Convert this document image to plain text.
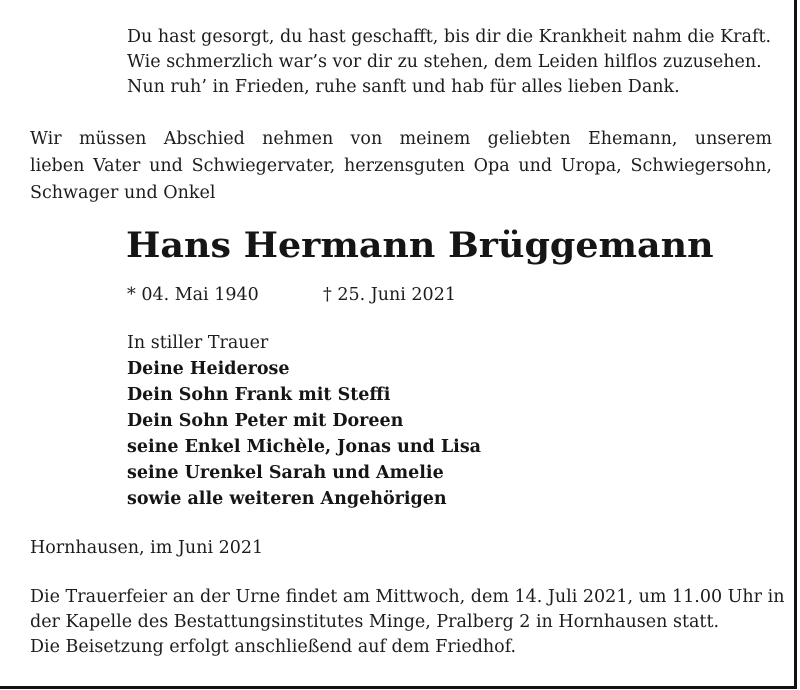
Du hast gesorgt, du hast geschafft, bis dir die Krankheit nahm die Kraft.
Wie schmerzlich war’s vor dir zu stehen, dem Leiden hilflos zuzusehen.
Nun ruh’ in Frieden, ruhe sanft und hab für alles lieben Dank.
Wir müssen Abschied nehmen von meinem geliebten Ehemann, unserem
lieben Vater und Schwiegervater, herzensguten Opa und Uropa, Schwiegersohn,
Schwager und Onkel
Hans Hermann Brüggemann
* 04. Mai 1940	† 25. Juni 2021
In stiller Trauer
Deine Heiderose
Dein Sohn Frank mit Steffi
Dein Sohn Peter mit Doreen
seine Enkel Michèle, Jonas und Lisa
seine Urenkel Sarah und Amelie
sowie alle weiteren Angehörigen
Hornhausen, im Juni 2021
Die Trauerfeier an der Urne findet am Mittwoch, dem 14. Juli 2021, um 11.00 Uhr in
der Kapelle des Bestattungsinstitutes Minge, Pralberg 2 in Hornhausen statt.
Die Beisetzung erfolgt anschließend auf dem Friedhof.
